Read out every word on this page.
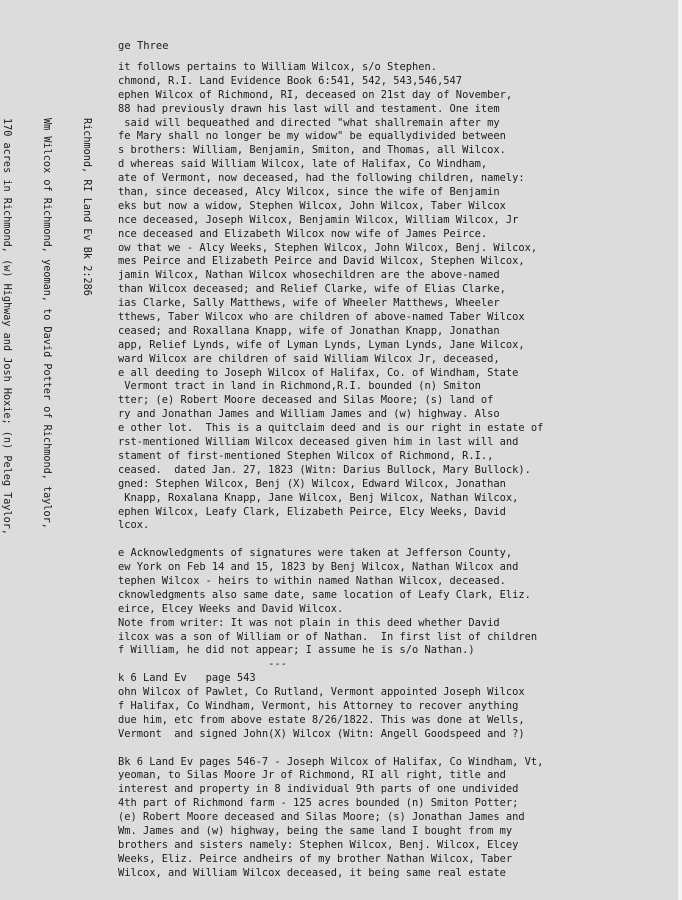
ge Three

Richmond, RI Land Ev Bk 2:286

Wm Wilcox of Richmond, yeoman, to David Potter of Richmond, taylor,

170 acres in Richmond, (w) Highway and Josh Hoxie; (n) Peleg Taylor,

it follows pertains to William Wilcox, s/o Stephen.
chmond, R.I. Land Evidence Book 6:541, 542, 543,546,547
ephen Wilcox of Richmond, RI, deceased on 21st day of November,
88 had previously drawn his last will and testament. One item
said will bequeathed and directed "what shallremain after my
fe Mary shall no longer be my widow" be equallydivided between
s brothers: William, Benjamin, Smiton, and Thomas, all Wilcox.
d whereas said William Wilcox, late of Halifax, Co Windham,
ate of Vermont, now deceased, had the following children, namely:
than, since deceased, Alcy Wilcox, since the wife of Benjamin
eks but now a widow, Stephen Wilcox, John Wilcox, Taber Wilcox
nce deceased, Joseph Wilcox, Benjamin Wilcox, William Wilcox, Jr
nce deceased and Elizabeth Wilcox now wife of James Peirce.
ow that we - Alcy Weeks, Stephen Wilcox, John Wilcox, Benj. Wilcox,
mes Peirce and Elizabeth Peirce and David Wilcox, Stephen Wilcox,
jamin Wilcox, Nathan Wilcox whosechildren are the above-named
than Wilcox deceased; and Relief Clarke, wife of Elias Clarke,
ias Clarke, Sally Matthews, wife of Wheeler Matthews, Wheeler
tthews, Taber Wilcox who are children of above-named Taber Wilcox
ceased; and Roxallana Knapp, wife of Jonathan Knapp, Jonathan
app, Relief Lynds, wife of Lyman Lynds, Lyman Lynds, Jane Wilcox,
ward Wilcox are children of said William Wilcox Jr, deceased,
e all deeding to Joseph Wilcox of Halifax, Co. of Windham, State
Vermont tract in land in Richmond,R.I. bounded (n) Smiton
tter; (e) Robert Moore deceased and Silas Moore; (s) land of
ry and Jonathan James and William James and (w) highway. Also
e other lot.  This is a quitclaim deed and is our right in estate of
rst-mentioned William Wilcox deceased given him in last will and
stament of first-mentioned Stephen Wilcox of Richmond, R.I.,
ceased.  dated Jan. 27, 1823 (Witn: Darius Bullock, Mary Bullock).
gned: Stephen Wilcox, Benj (X) Wilcox, Edward Wilcox, Jonathan
Knapp, Roxalana Knapp, Jane Wilcox, Benj Wilcox, Nathan Wilcox,
ephen Wilcox, Leafy Clark, Elizabeth Peirce, Elcy Weeks, David
lcox.
e Acknowledgments of signatures were taken at Jefferson County,
ew York on Feb 14 and 15, 1823 by Benj Wilcox, Nathan Wilcox and
tephen Wilcox - heirs to within named Nathan Wilcox, deceased.
cknowledgments also same date, same location of Leafy Clark, Eliz.
eirce, Elcey Weeks and David Wilcox.
Note from writer: It was not plain in this deed whether David
ilcox was a son of William or of Nathan.  In first list of children
f William, he did not appear; I assume he is s/o Nathan.)
---
k 6 Land Ev   page 543
ohn Wilcox of Pawlet, Co Rutland, Vermont appointed Joseph Wilcox
f Halifax, Co Windham, Vermont, his Attorney to recover anything
due him, etc from above estate 8/26/1822. This was done at Wells,
Vermont  and signed John(X) Wilcox (Witn: Angell Goodspeed and ?)
Bk 6 Land Ev pages 546-7 - Joseph Wilcox of Halifax, Co Windham, Vt,
yeoman, to Silas Moore Jr of Richmond, RI all right, title and
interest and property in 8 individual 9th parts of one undivided
4th part of Richmond farm - 125 acres bounded (n) Smiton Potter;
(e) Robert Moore deceased and Silas Moore; (s) Jonathan James and
Wm. James and (w) highway, being the same land I bought from my
brothers and sisters namely: Stephen Wilcox, Benj. Wilcox, Elcey
Weeks, Eliz. Peirce andheirs of my brother Nathan Wilcox, Taber
Wilcox, and William Wilcox deceased, it being same real estate
